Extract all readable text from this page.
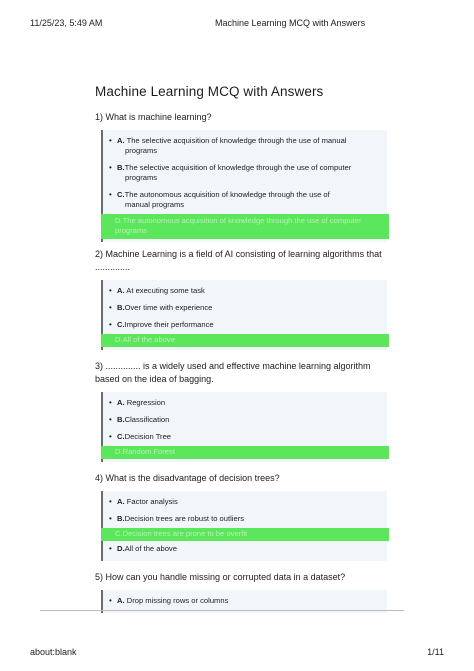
11/25/23, 5:49 AM	Machine Learning MCQ with Answers
Machine Learning MCQ with Answers

1) What is machine learning?

• A. The selective acquisition of knowledge through the use of manual
programs
• B.The selective acquisition of knowledge through the use of computer
programs
• C.The autonomous acquisition of knowledge through the use of
manual programs
D.The autonomous acquisition of knowledge through the use of computer programs

2) Machine Learning is a field of AI consisting of learning algorithms that ..............

• A. At executing some task
• B.Over time with experience
• C.Improve their performance
D.All of the above

3) .............. is a widely used and effective machine learning algorithm based on the idea of bagging.

• A. Regression
• B.Classification
• C.Decision Tree
D.Random Forest

4) What is the disadvantage of decision trees?

• A. Factor analysis
• B.Decision trees are robust to outliers
C.Decision trees are prone to be overfit
• D.All of the above

5) How can you handle missing or corrupted data in a dataset?

• A. Drop missing rows or columns
about:blank	1/11
